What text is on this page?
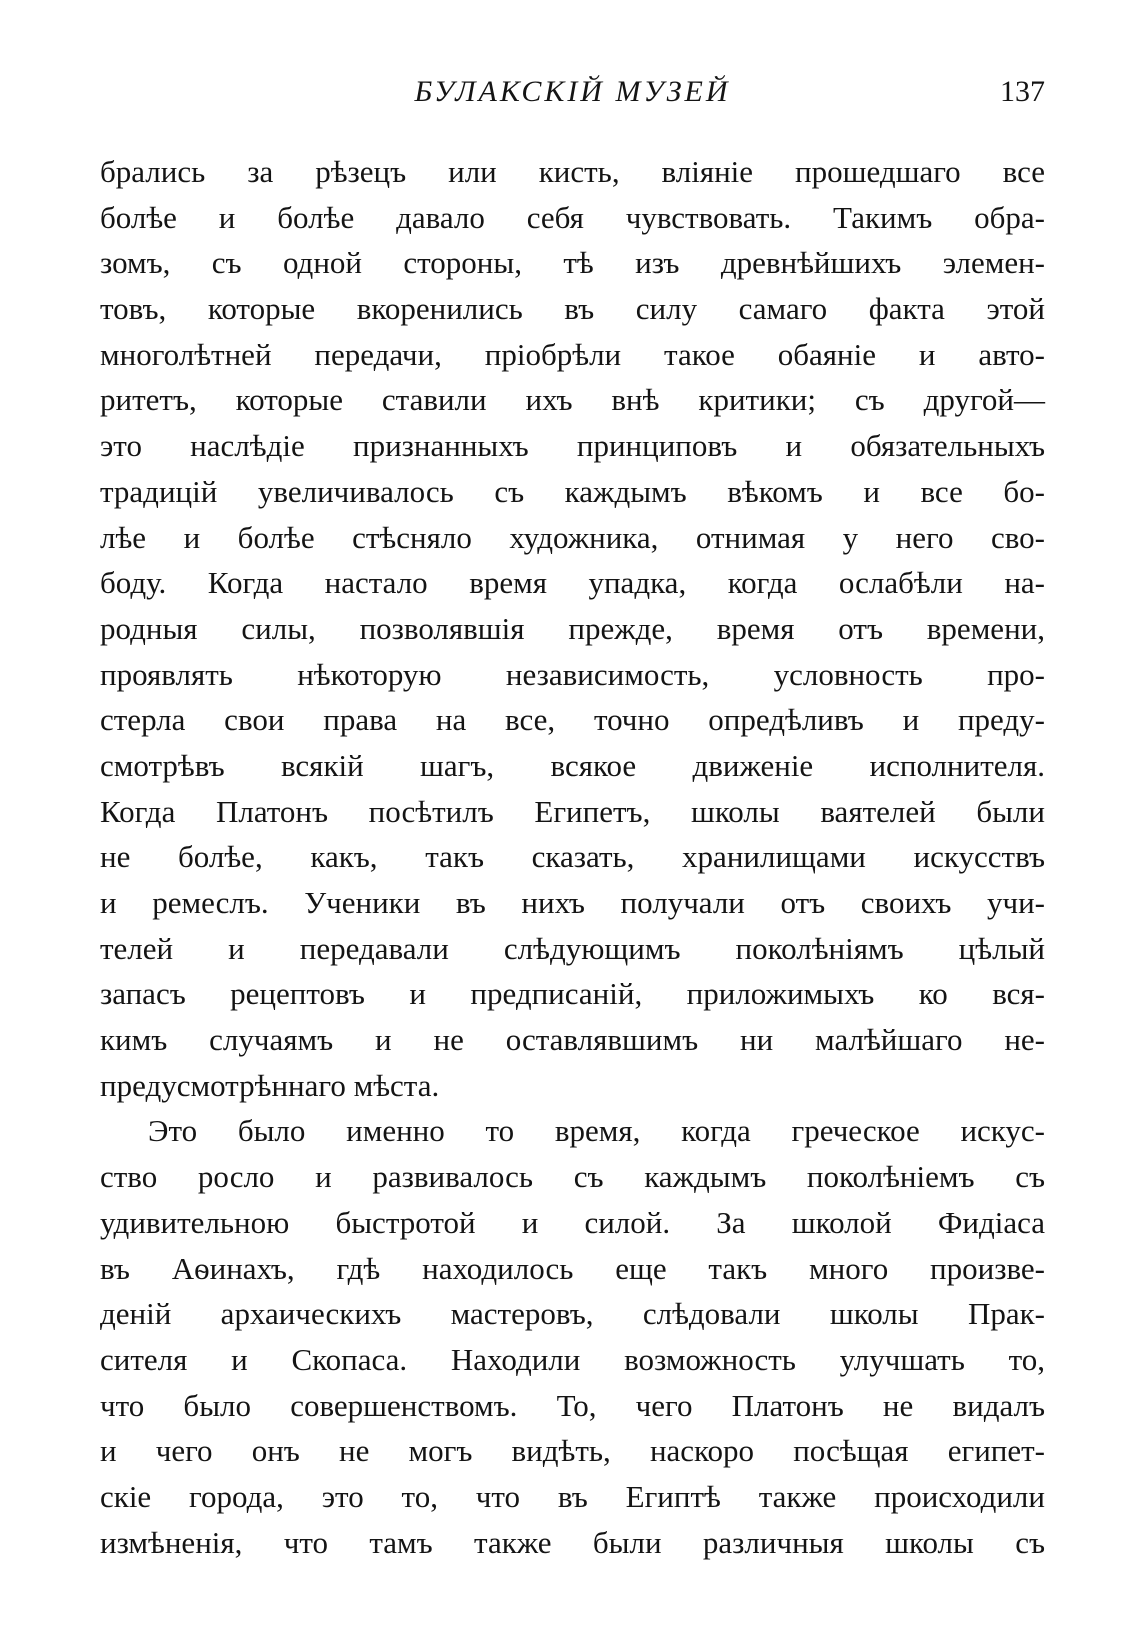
БУЛАКСКІЙ МУЗЕЙ	137
брались за рѣзецъ или кисть, вліяніе прошедшаго все
болѣе и болѣе давало себя чувствовать. Такимъ обра-
зомъ, съ одной стороны, тѣ изъ древнѣйшихъ элемен-
товъ, которые вкоренились въ силу самаго факта этой
многолѣтней передачи, пріобрѣли такое обаяніе и авто-
ритетъ, которые ставили ихъ внѣ критики; съ другой—
это наслѣдіе признанныхъ принциповъ и обязательныхъ
традицій увеличивалось съ каждымъ вѣкомъ и все бо-
лѣе и болѣе стѣсняло художника, отнимая у него сво-
боду. Когда настало время упадка, когда ослабѣли на-
родныя силы, позволявшія прежде, время отъ времени,
проявлять нѣкоторую независимость, условность про-
стерла свои права на все, точно опредѣливъ и преду-
смотрѣвъ всякій шагъ, всякое движеніе исполнителя.
Когда Платонъ посѣтилъ Египетъ, школы ваятелей были
не болѣе, какъ, такъ сказать, хранилищами искусствъ
и ремеслъ. Ученики въ нихъ получали отъ своихъ учи-
телей и передавали слѣдующимъ поколѣніямъ цѣлый
запасъ рецептовъ и предписаній, приложимыхъ ко вся-
кимъ случаямъ и не оставлявшимъ ни малѣйшаго не-
предусмотрѣннаго мѣста.
Это было именно то время, когда греческое искус-
ство росло и развивалось съ каждымъ поколѣніемъ съ
удивительною быстротой и силой. За школой Фидіаса
въ Аѳинахъ, гдѣ находилось еще такъ много произве-
деній архаическихъ мастеровъ, слѣдовали школы Прак-
сителя и Скопаса. Находили возможность улучшать то,
что было совершенствомъ. То, чего Платонъ не видалъ
и чего онъ не могъ видѣть, наскоро посѣщая египет-
скіе города, это то, что въ Египтѣ также происходили
измѣненія, что тамъ также были различныя школы съ
